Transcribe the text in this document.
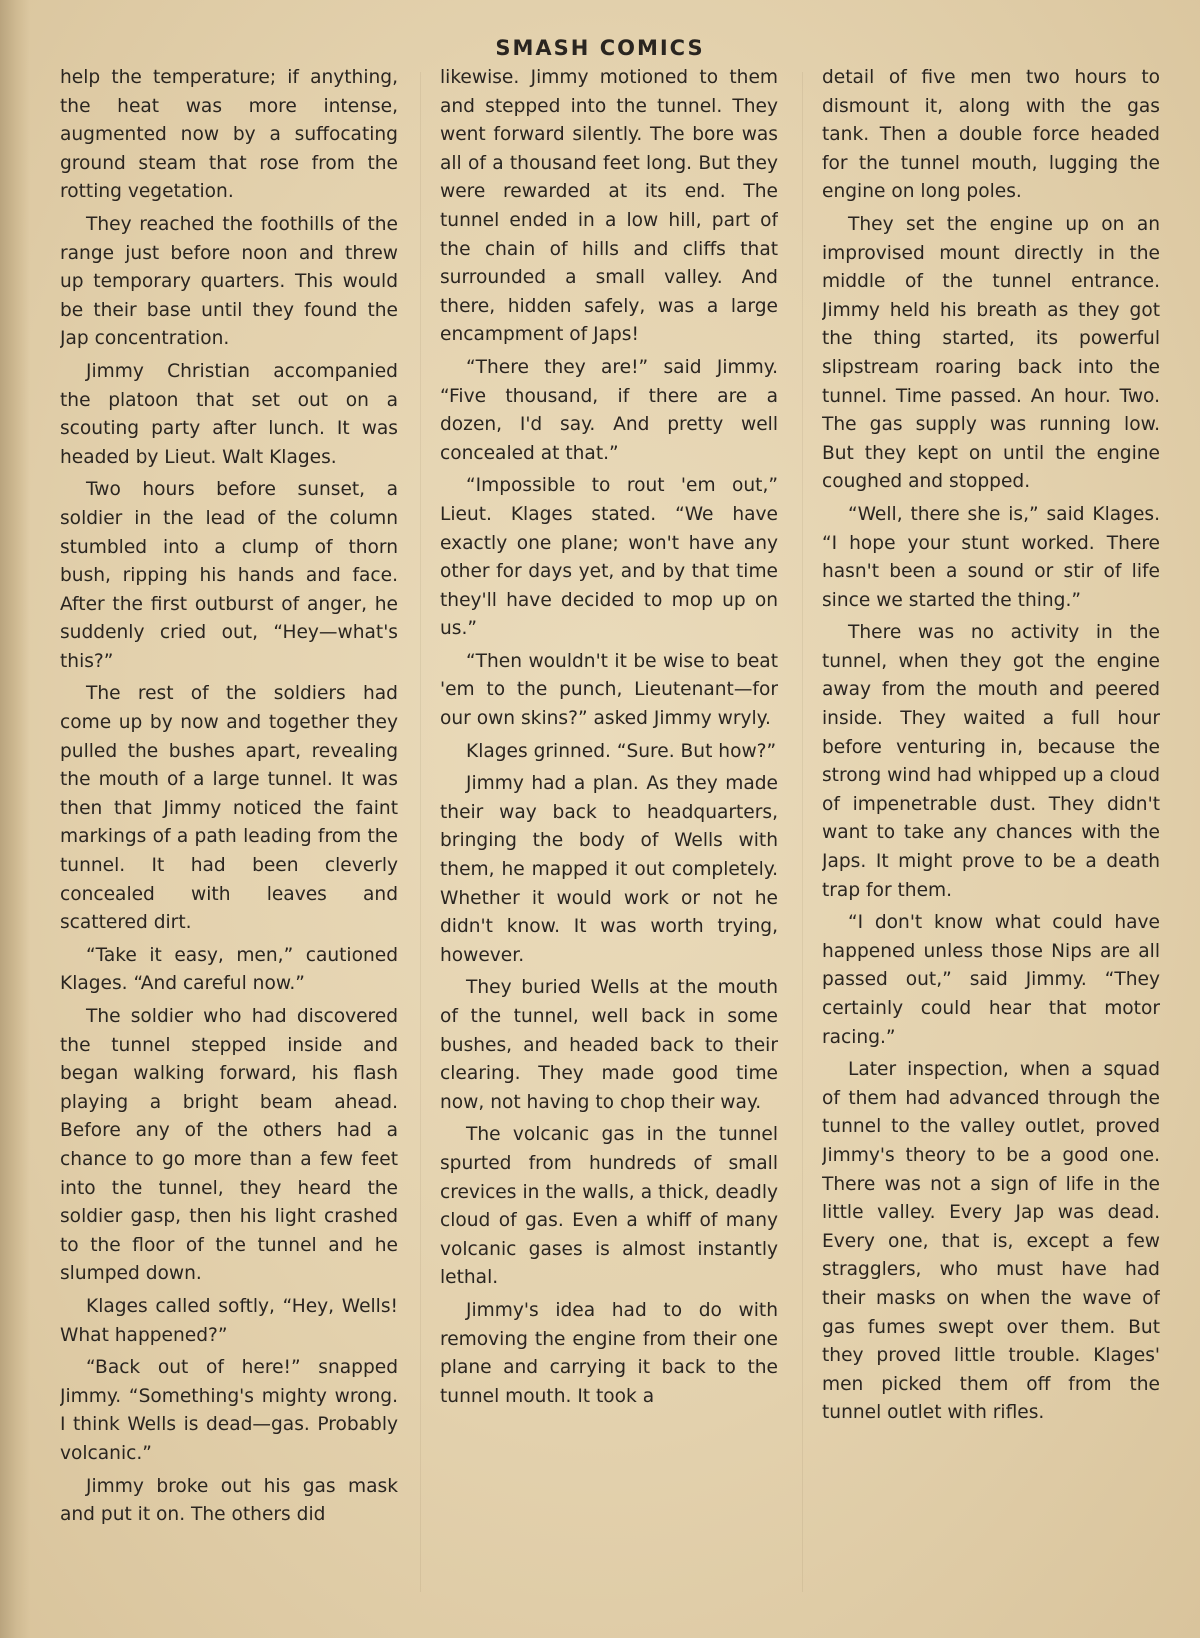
SMASH COMICS

help the temperature; if anything, the heat was more intense, augmented now by a suffocating ground steam that rose from the rotting vegetation.

They reached the foothills of the range just before noon and threw up temporary quarters. This would be their base until they found the Jap concentration.

Jimmy Christian accompanied the platoon that set out on a scouting party after lunch. It was headed by Lieut. Walt Klages.

Two hours before sunset, a soldier in the lead of the column stumbled into a clump of thorn bush, ripping his hands and face. After the first outburst of anger, he suddenly cried out, “Hey—what's this?”

The rest of the soldiers had come up by now and together they pulled the bushes apart, revealing the mouth of a large tunnel. It was then that Jimmy noticed the faint markings of a path leading from the tunnel. It had been cleverly concealed with leaves and scattered dirt.

“Take it easy, men,” cautioned Klages. “And careful now.”

The soldier who had discovered the tunnel stepped inside and began walking forward, his flash playing a bright beam ahead. Before any of the others had a chance to go more than a few feet into the tunnel, they heard the soldier gasp, then his light crashed to the floor of the tunnel and he slumped down.

Klages called softly, “Hey, Wells! What happened?”

“Back out of here!” snapped Jimmy. “Something's mighty wrong. I think Wells is dead—gas. Probably volcanic.”

Jimmy broke out his gas mask and put it on. The others did

likewise. Jimmy motioned to them and stepped into the tunnel. They went forward silently. The bore was all of a thousand feet long. But they were rewarded at its end. The tunnel ended in a low hill, part of the chain of hills and cliffs that surrounded a small valley. And there, hidden safely, was a large encampment of Japs!

“There they are!” said Jimmy. “Five thousand, if there are a dozen, I'd say. And pretty well concealed at that.”

“Impossible to rout 'em out,” Lieut. Klages stated. “We have exactly one plane; won't have any other for days yet, and by that time they'll have decided to mop up on us.”

“Then wouldn't it be wise to beat 'em to the punch, Lieutenant—for our own skins?” asked Jimmy wryly.

Klages grinned. “Sure. But how?”

Jimmy had a plan. As they made their way back to headquarters, bringing the body of Wells with them, he mapped it out completely. Whether it would work or not he didn't know. It was worth trying, however.

They buried Wells at the mouth of the tunnel, well back in some bushes, and headed back to their clearing. They made good time now, not having to chop their way.

The volcanic gas in the tunnel spurted from hundreds of small crevices in the walls, a thick, deadly cloud of gas. Even a whiff of many volcanic gases is almost instantly lethal.

Jimmy's idea had to do with removing the engine from their one plane and carrying it back to the tunnel mouth. It took a

detail of five men two hours to dismount it, along with the gas tank. Then a double force headed for the tunnel mouth, lugging the engine on long poles.

They set the engine up on an improvised mount directly in the middle of the tunnel entrance. Jimmy held his breath as they got the thing started, its powerful slipstream roaring back into the tunnel. Time passed. An hour. Two. The gas supply was running low. But they kept on until the engine coughed and stopped.

“Well, there she is,” said Klages. “I hope your stunt worked. There hasn't been a sound or stir of life since we started the thing.”

There was no activity in the tunnel, when they got the engine away from the mouth and peered inside. They waited a full hour before venturing in, because the strong wind had whipped up a cloud of impenetrable dust. They didn't want to take any chances with the Japs. It might prove to be a death trap for them.

“I don't know what could have happened unless those Nips are all passed out,” said Jimmy. “They certainly could hear that motor racing.”

Later inspection, when a squad of them had advanced through the tunnel to the valley outlet, proved Jimmy's theory to be a good one. There was not a sign of life in the little valley. Every Jap was dead. Every one, that is, except a few stragglers, who must have had their masks on when the wave of gas fumes swept over them. But they proved little trouble. Klages' men picked them off from the tunnel outlet with rifles.
